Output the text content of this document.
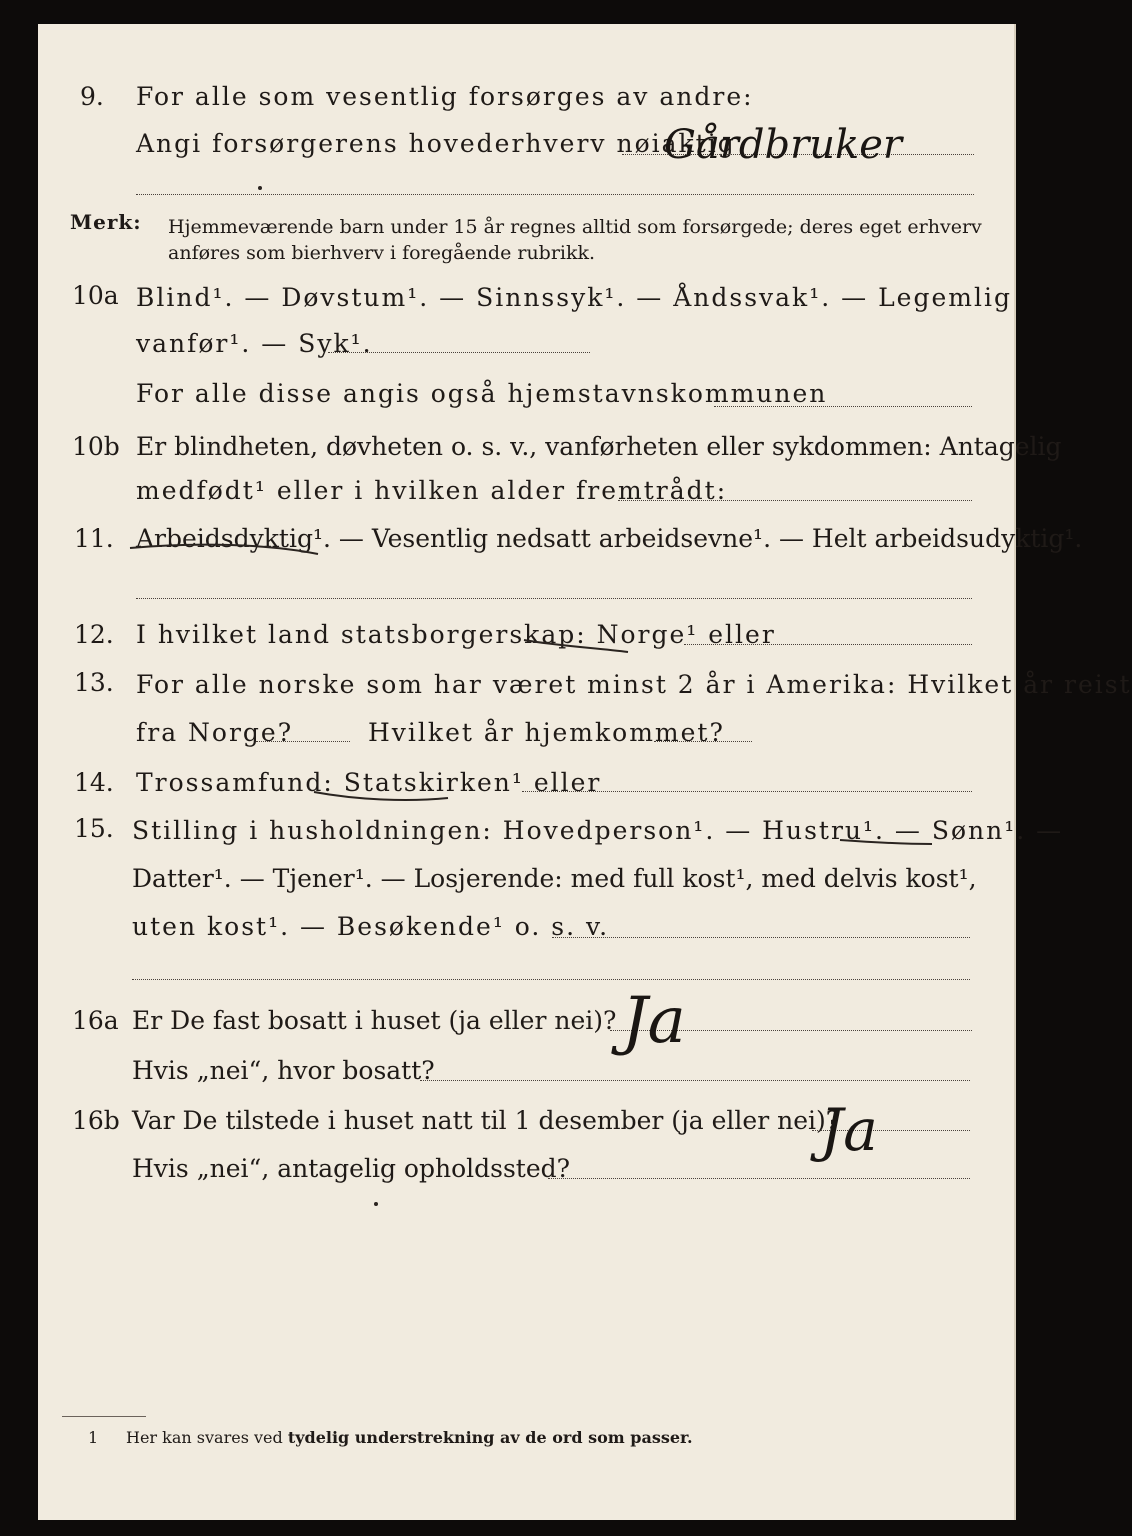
9. For alle som vesentlig forsørges av andre:
Angi forsørgerens hovederhverv nøiaktig
Gårdbruker
Merk: Hjemmeværende barn under 15 år regnes alltid som forsørgede; deres eget erhverv
anføres som bierhverv i foregående rubrikk.
10a Blind¹. — Døvstum¹. — Sinnssyk¹. — Åndssvak¹. — Legemlig
vanfør¹. — Syk¹.
For alle disse angis også hjemstavnskommunen
10b Er blindheten, døvheten o. s. v., vanførheten eller sykdommen: Antagelig
medfødt¹ eller i hvilken alder fremtrådt:
11. Arbeidsdyktig¹. — Vesentlig nedsatt arbeidsevne¹. — Helt arbeidsudyktig¹.
12. I hvilket land statsborgerskap: Norge¹ eller
13. For alle norske som har været minst 2 år i Amerika: Hvilket år reist
fra Norge?	Hvilket år hjemkommet?
14. Trossamfund: Statskirken¹ eller
15. Stilling i husholdningen: Hovedperson¹. — Hustru¹. — Sønn¹. —
Datter¹. — Tjener¹. — Losjerende: med full kost¹, med delvis kost¹,
uten kost¹. — Besøkende¹ o. s. v.
16a Er De fast bosatt i huset (ja eller nei)? Ja
Hvis „nei“, hvor bosatt?
16b Var De tilstede i huset natt til 1 desember (ja eller nei)?
Ja
Hvis „nei“, antagelig opholdssted?
1 Her kan svares ved tydelig understrekning av de ord som passer.
